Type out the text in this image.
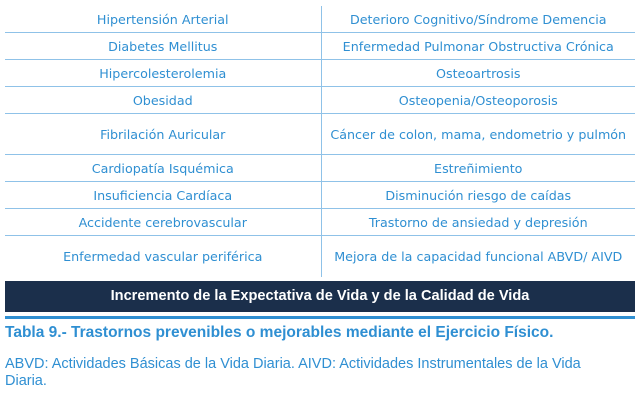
Hipertensión Arterial	Deterioro Cognitivo/Síndrome Demencia
Diabetes Mellitus	Enfermedad Pulmonar Obstructiva Crónica
Hipercolesterolemia	Osteoartrosis
Obesidad	Osteopenia/Osteoporosis
Fibrilación Auricular	Cáncer de colon, mama, endometrio y pulmón
Cardiopatía Isquémica	Estreñimiento
Insuficiencia Cardíaca	Disminución riesgo de caídas
Accidente cerebrovascular	Trastorno de ansiedad y depresión
Enfermedad vascular periférica	Mejora de la capacidad funcional ABVD/ AIVD
Incremento de la Expectativa de Vida y de la Calidad de Vida
Tabla 9.- Trastornos prevenibles o mejorables mediante el Ejercicio Físico.
ABVD: Actividades Básicas de la Vida Diaria. AIVD: Actividades Instrumentales de la Vida Diaria.
